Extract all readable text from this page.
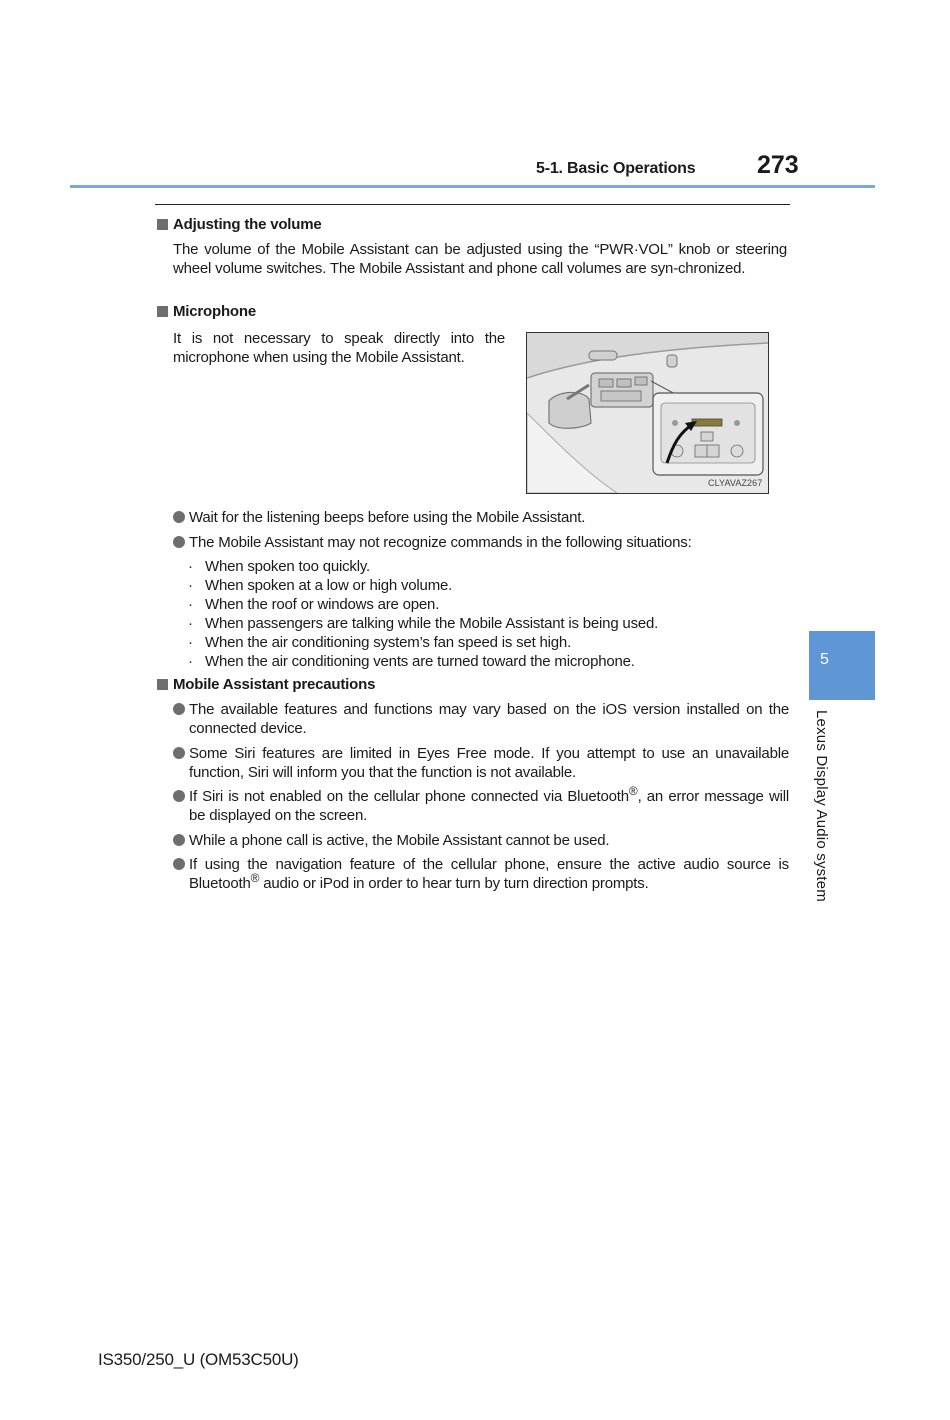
5-1. Basic Operations 273
Adjusting the volume
The volume of the Mobile Assistant can be adjusted using the “PWR·VOL” knob or steering wheel volume switches. The Mobile Assistant and phone call volumes are syn-chronized.
Microphone
It is not necessary to speak directly into the microphone when using the Mobile Assistant.
CLYAVAZ267
Wait for the listening beeps before using the Mobile Assistant.
The Mobile Assistant may not recognize commands in the following situations:
· When spoken too quickly.
· When spoken at a low or high volume.
· When the roof or windows are open.
· When passengers are talking while the Mobile Assistant is being used.
· When the air conditioning system’s fan speed is set high.
· When the air conditioning vents are turned toward the microphone.
Mobile Assistant precautions
The available features and functions may vary based on the iOS version installed on the connected device.
Some Siri features are limited in Eyes Free mode. If you attempt to use an unavailable function, Siri will inform you that the function is not available.
If Siri is not enabled on the cellular phone connected via Bluetooth®, an error message will be displayed on the screen.
While a phone call is active, the Mobile Assistant cannot be used.
If using the navigation feature of the cellular phone, ensure the active audio source is Bluetooth® audio or iPod in order to hear turn by turn direction prompts.
5
Lexus Display Audio system
IS350/250_U (OM53C50U)
